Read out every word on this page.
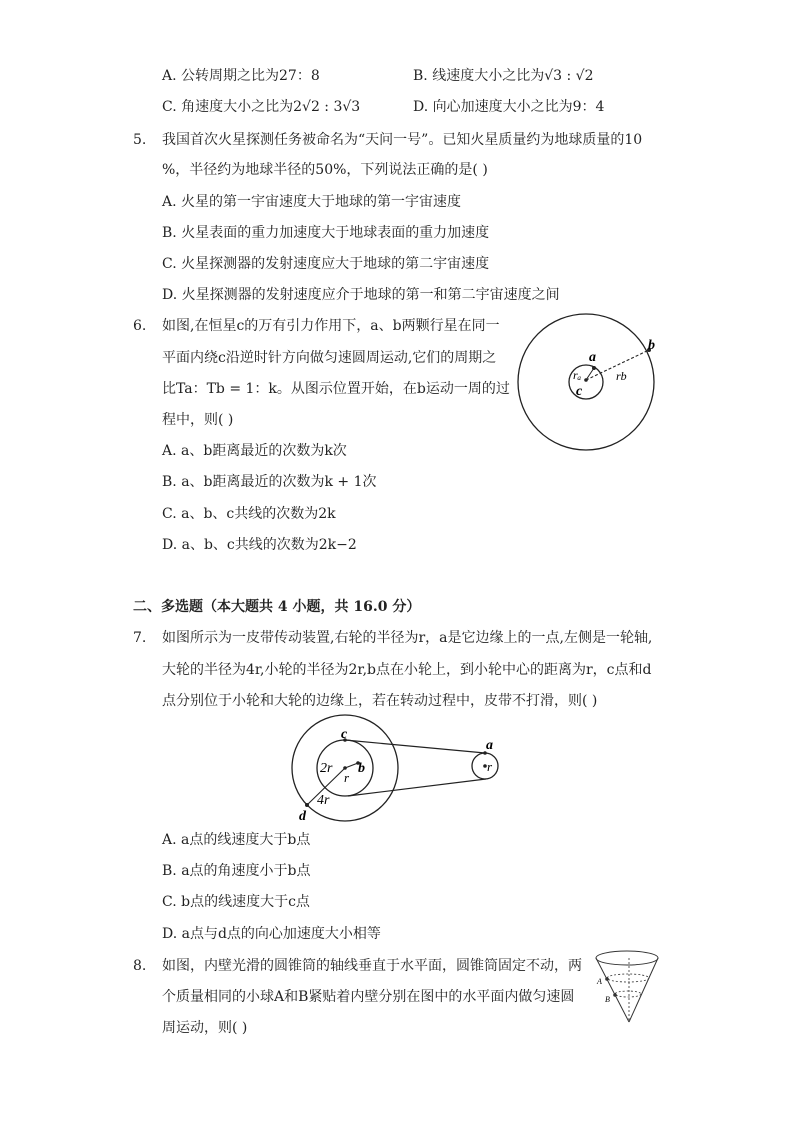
A. 公转周期之比为27：8	B. 线速度大小之比为√3 : √2
C. 角速度大小之比为2√2 : 3√3	D. 向心加速度大小之比为9：4
5. 我国首次火星探测任务被命名为“天问一号”。已知火星质量约为地球质量的10
%，半径约为地球半径的50%，下列说法正确的是( )
A. 火星的第一宇宙速度大于地球的第一宇宙速度
B. 火星表面的重力加速度大于地球表面的重力加速度
C. 火星探测器的发射速度应大于地球的第二宇宙速度
D. 火星探测器的发射速度应介于地球的第一和第二宇宙速度之间
6. 如图,在恒星c的万有引力作用下，a、b两颗行星在同一
平面内绕c沿逆时针方向做匀速圆周运动,它们的周期之
比Ta：Tb = 1：k。从图示位置开始，在b运动一周的过
程中，则( )
A. a、b距离最近的次数为k次
B. a、b距离最近的次数为k + 1次
C. a、b、c共线的次数为2k
D. a、b、c共线的次数为2k−2
a
b
c
rₐ	rb
二、多选题（本大题共 4 小题，共 16.0 分）
7. 如图所示为一皮带传动装置,右轮的半径为r，a是它边缘上的一点,左侧是一轮轴,
大轮的半径为4r,小轮的半径为2r,b点在小轮上，到小轮中心的距离为r，c点和d
点分别位于小轮和大轮的边缘上，若在转动过程中，皮带不打滑，则( )
c
2r
r
b
4r
d
a
r
A. a点的线速度大于b点
B. a点的角速度小于b点
C. b点的线速度大于c点
D. a点与d点的向心加速度大小相等
8. 如图，内壁光滑的圆锥筒的轴线垂直于水平面，圆锥筒固定不动，两
个质量相同的小球A和B紧贴着内壁分别在图中的水平面内做匀速圆
周运动，则( )
A
B
